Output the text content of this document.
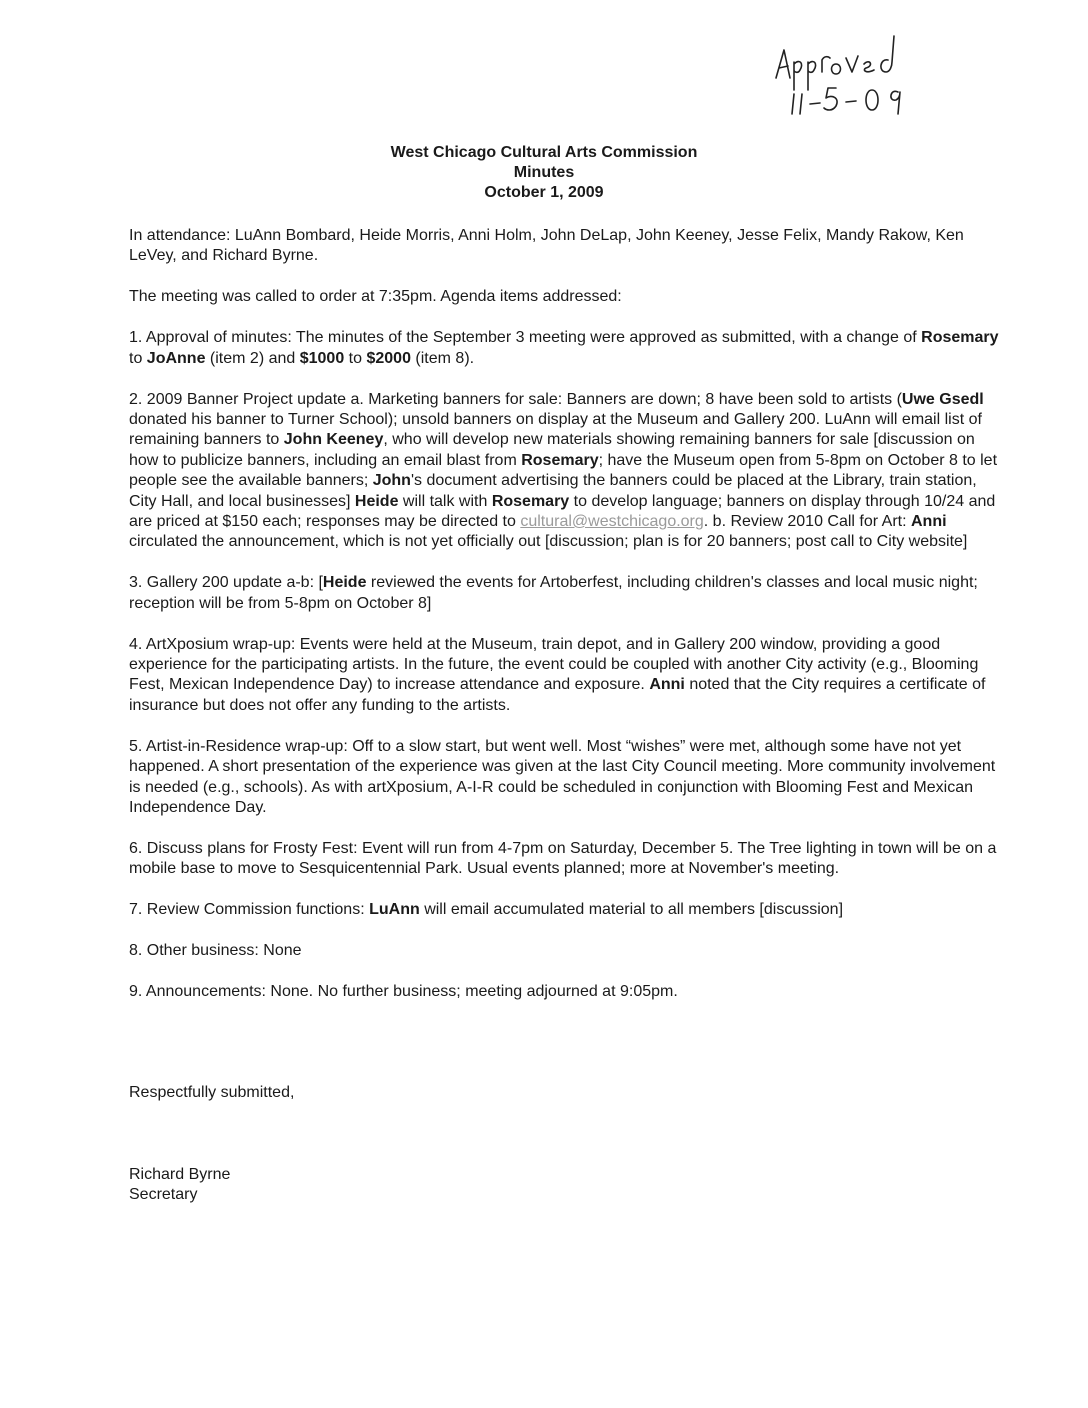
West Chicago Cultural Arts Commission
Minutes
October 1, 2009

In attendance: LuAnn Bombard, Heide Morris, Anni Holm, John DeLap, John Keeney, Jesse Felix, Mandy Rakow, Ken LeVey, and Richard Byrne.

The meeting was called to order at 7:35pm. Agenda items addressed:

1. Approval of minutes: The minutes of the September 3 meeting were approved as submitted, with a change of Rosemary to JoAnne (item 2) and $1000 to $2000 (item 8).

2. 2009 Banner Project update a. Marketing banners for sale: Banners are down; 8 have been sold to artists (Uwe Gsedl donated his banner to Turner School); unsold banners on display at the Museum and Gallery 200. LuAnn will email list of remaining banners to John Keeney, who will develop new materials showing remaining banners for sale [discussion on how to publicize banners, including an email blast from Rosemary; have the Museum open from 5-8pm on October 8 to let people see the available banners; John's document advertising the banners could be placed at the Library, train station, City Hall, and local businesses] Heide will talk with Rosemary to develop language; banners on display through 10/24 and are priced at $150 each; responses may be directed to cultural@westchicago.org. b. Review 2010 Call for Art: Anni circulated the announcement, which is not yet officially out [discussion; plan is for 20 banners; post call to City website]

3. Gallery 200 update a-b: [Heide reviewed the events for Artoberfest, including children's classes and local music night; reception will be from 5-8pm on October 8]

4. ArtXposium wrap-up: Events were held at the Museum, train depot, and in Gallery 200 window, providing a good experience for the participating artists. In the future, the event could be coupled with another City activity (e.g., Blooming Fest, Mexican Independence Day) to increase attendance and exposure. Anni noted that the City requires a certificate of insurance but does not offer any funding to the artists.

5. Artist-in-Residence wrap-up: Off to a slow start, but went well. Most “wishes” were met, although some have not yet happened. A short presentation of the experience was given at the last City Council meeting. More community involvement is needed (e.g., schools). As with artXposium, A-I-R could be scheduled in conjunction with Blooming Fest and Mexican Independence Day.

6. Discuss plans for Frosty Fest: Event will run from 4-7pm on Saturday, December 5. The Tree lighting in town will be on a mobile base to move to Sesquicentennial Park. Usual events planned; more at November's meeting.

7. Review Commission functions: LuAnn will email accumulated material to all members [discussion]

8. Other business: None

9. Announcements: None. No further business; meeting adjourned at 9:05pm.

Respectfully submitted,
Richard Byrne
Secretary
